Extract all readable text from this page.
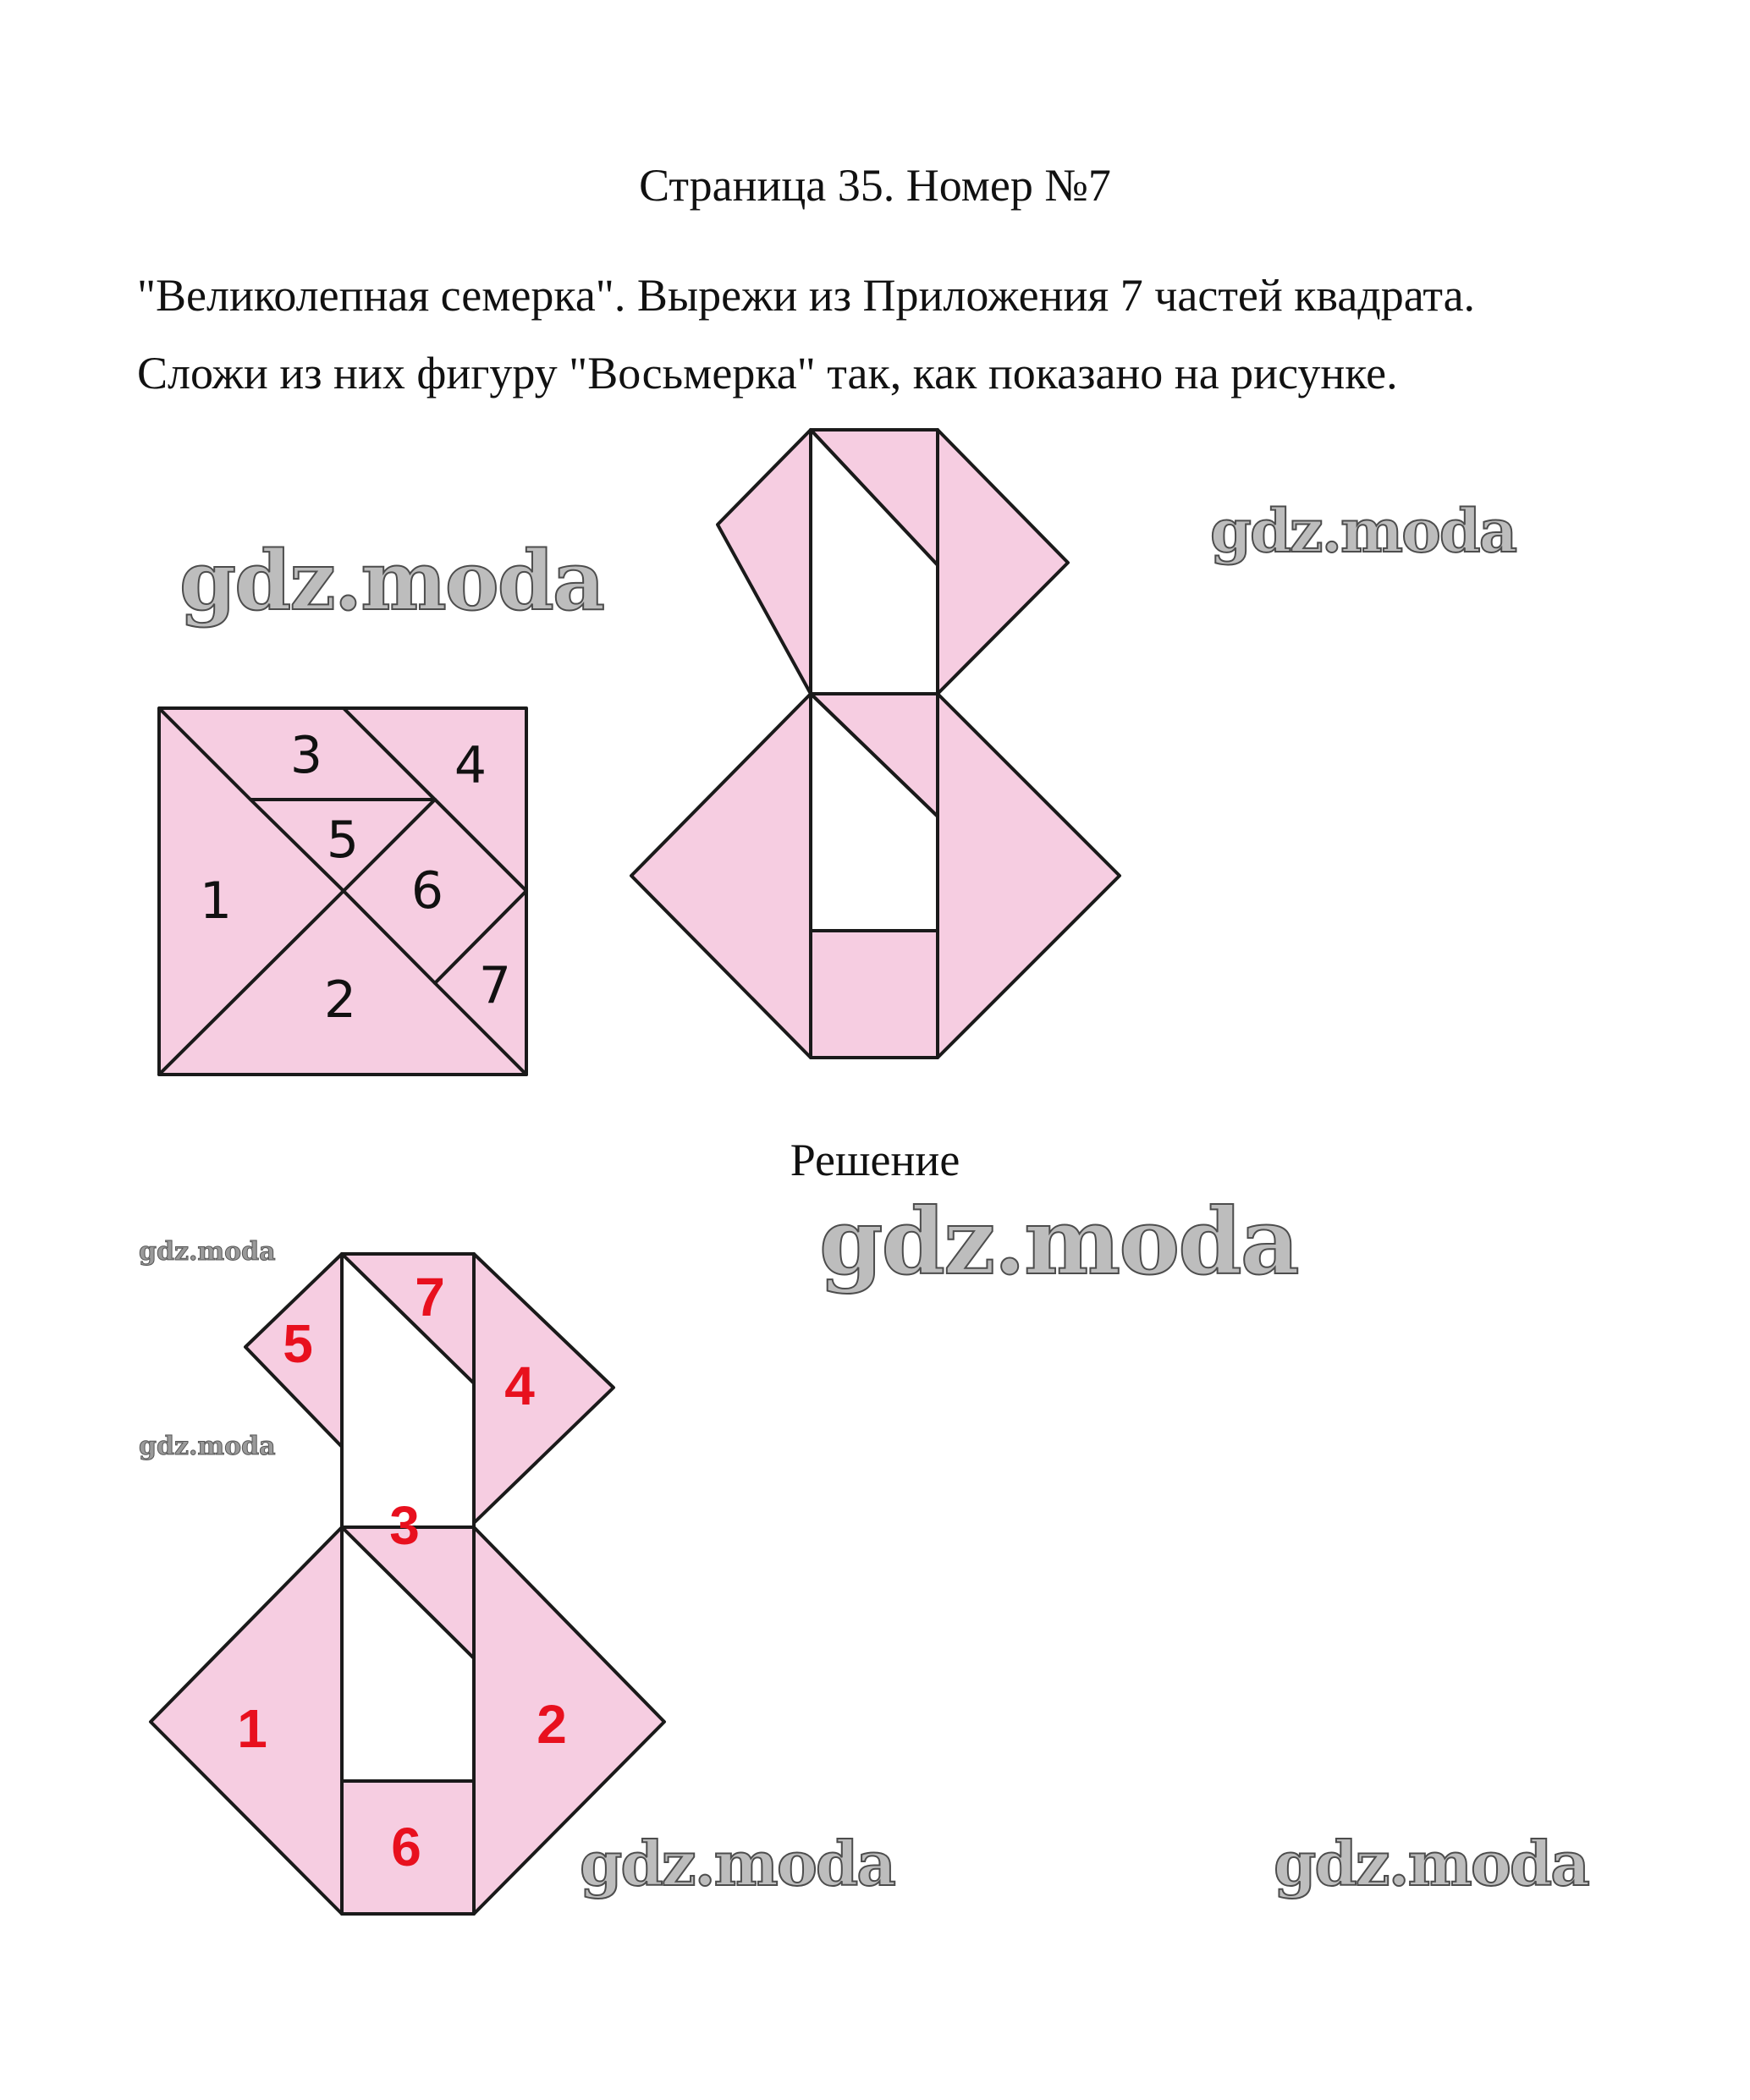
Страница 35. Номер №7
"Великолепная семерка". Вырежи из Приложения 7 частей квадрата.
Сложи из них фигуру "Восьмерка" так, как показано на рисунке.
1
2
3	4
5
6
7
Решение
1	2
3
4
5
6
7
gdz.moda
gdz.moda
gdz.moda
gdz.moda
gdz.moda
gdz.moda	gdz.moda
